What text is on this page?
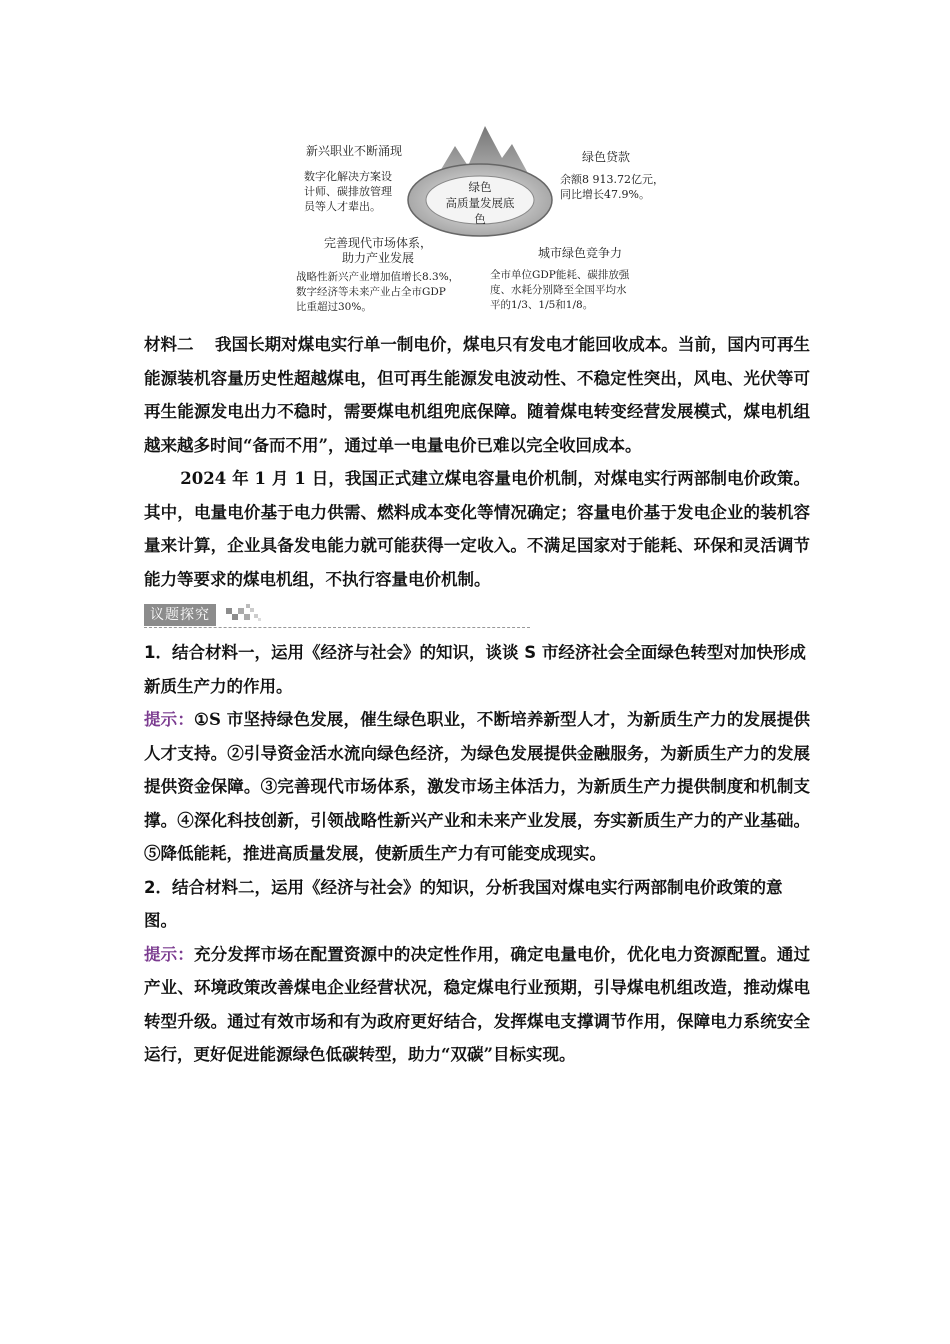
绿色
高质量发展底色
新兴职业不断涌现
数字化解决方案设
计师、碳排放管理
员等人才辈出。
绿色贷款
余额8 913.72亿元，
同比增长47.9%。
完善现代市场体系，
助力产业发展
战略性新兴产业增加值增长8.3%，
数字经济等未来产业占全市GDP
比重超过30%。
城市绿色竞争力
全市单位GDP能耗、碳排放强
度、水耗分别降至全国平均水
平的1/3、1/5和1/8。

材料二 我国长期对煤电实行单一制电价，煤电只有发电才能回收成本。当前，国内可再生能源装机容量历史性超越煤电，但可再生能源发电波动性、不稳定性突出，风电、光伏等可再生能源发电出力不稳时，需要煤电机组兜底保障。随着煤电转变经营发展模式，煤电机组越来越多时间“备而不用”，通过单一电量电价已难以完全收回成本。

2024 年 1 月 1 日，我国正式建立煤电容量电价机制，对煤电实行两部制电价政策。其中，电量电价基于电力供需、燃料成本变化等情况确定；容量电价基于发电企业的装机容量来计算，企业具备发电能力就可能获得一定收入。不满足国家对于能耗、环保和灵活调节能力等要求的煤电机组，不执行容量电价机制。

议题探究
1．结合材料一，运用《经济与社会》的知识，谈谈 S 市经济社会全面绿色转型对加快形成新质生产力的作用。

提示：①S 市坚持绿色发展，催生绿色职业，不断培养新型人才，为新质生产力的发展提供人才支持。②引导资金活水流向绿色经济，为绿色发展提供金融服务，为新质生产力的发展提供资金保障。③完善现代市场体系，激发市场主体活力，为新质生产力提供制度和机制支撑。④深化科技创新，引领战略性新兴产业和未来产业发展，夯实新质生产力的产业基础。⑤降低能耗，推进高质量发展，使新质生产力有可能变成现实。

2．结合材料二，运用《经济与社会》的知识，分析我国对煤电实行两部制电价政策的意图。

提示：充分发挥市场在配置资源中的决定性作用，确定电量电价，优化电力资源配置。通过产业、环境政策改善煤电企业经营状况，稳定煤电行业预期，引导煤电机组改造，推动煤电转型升级。通过有效市场和有为政府更好结合，发挥煤电支撑调节作用，保障电力系统安全运行，更好促进能源绿色低碳转型，助力“双碳”目标实现。
